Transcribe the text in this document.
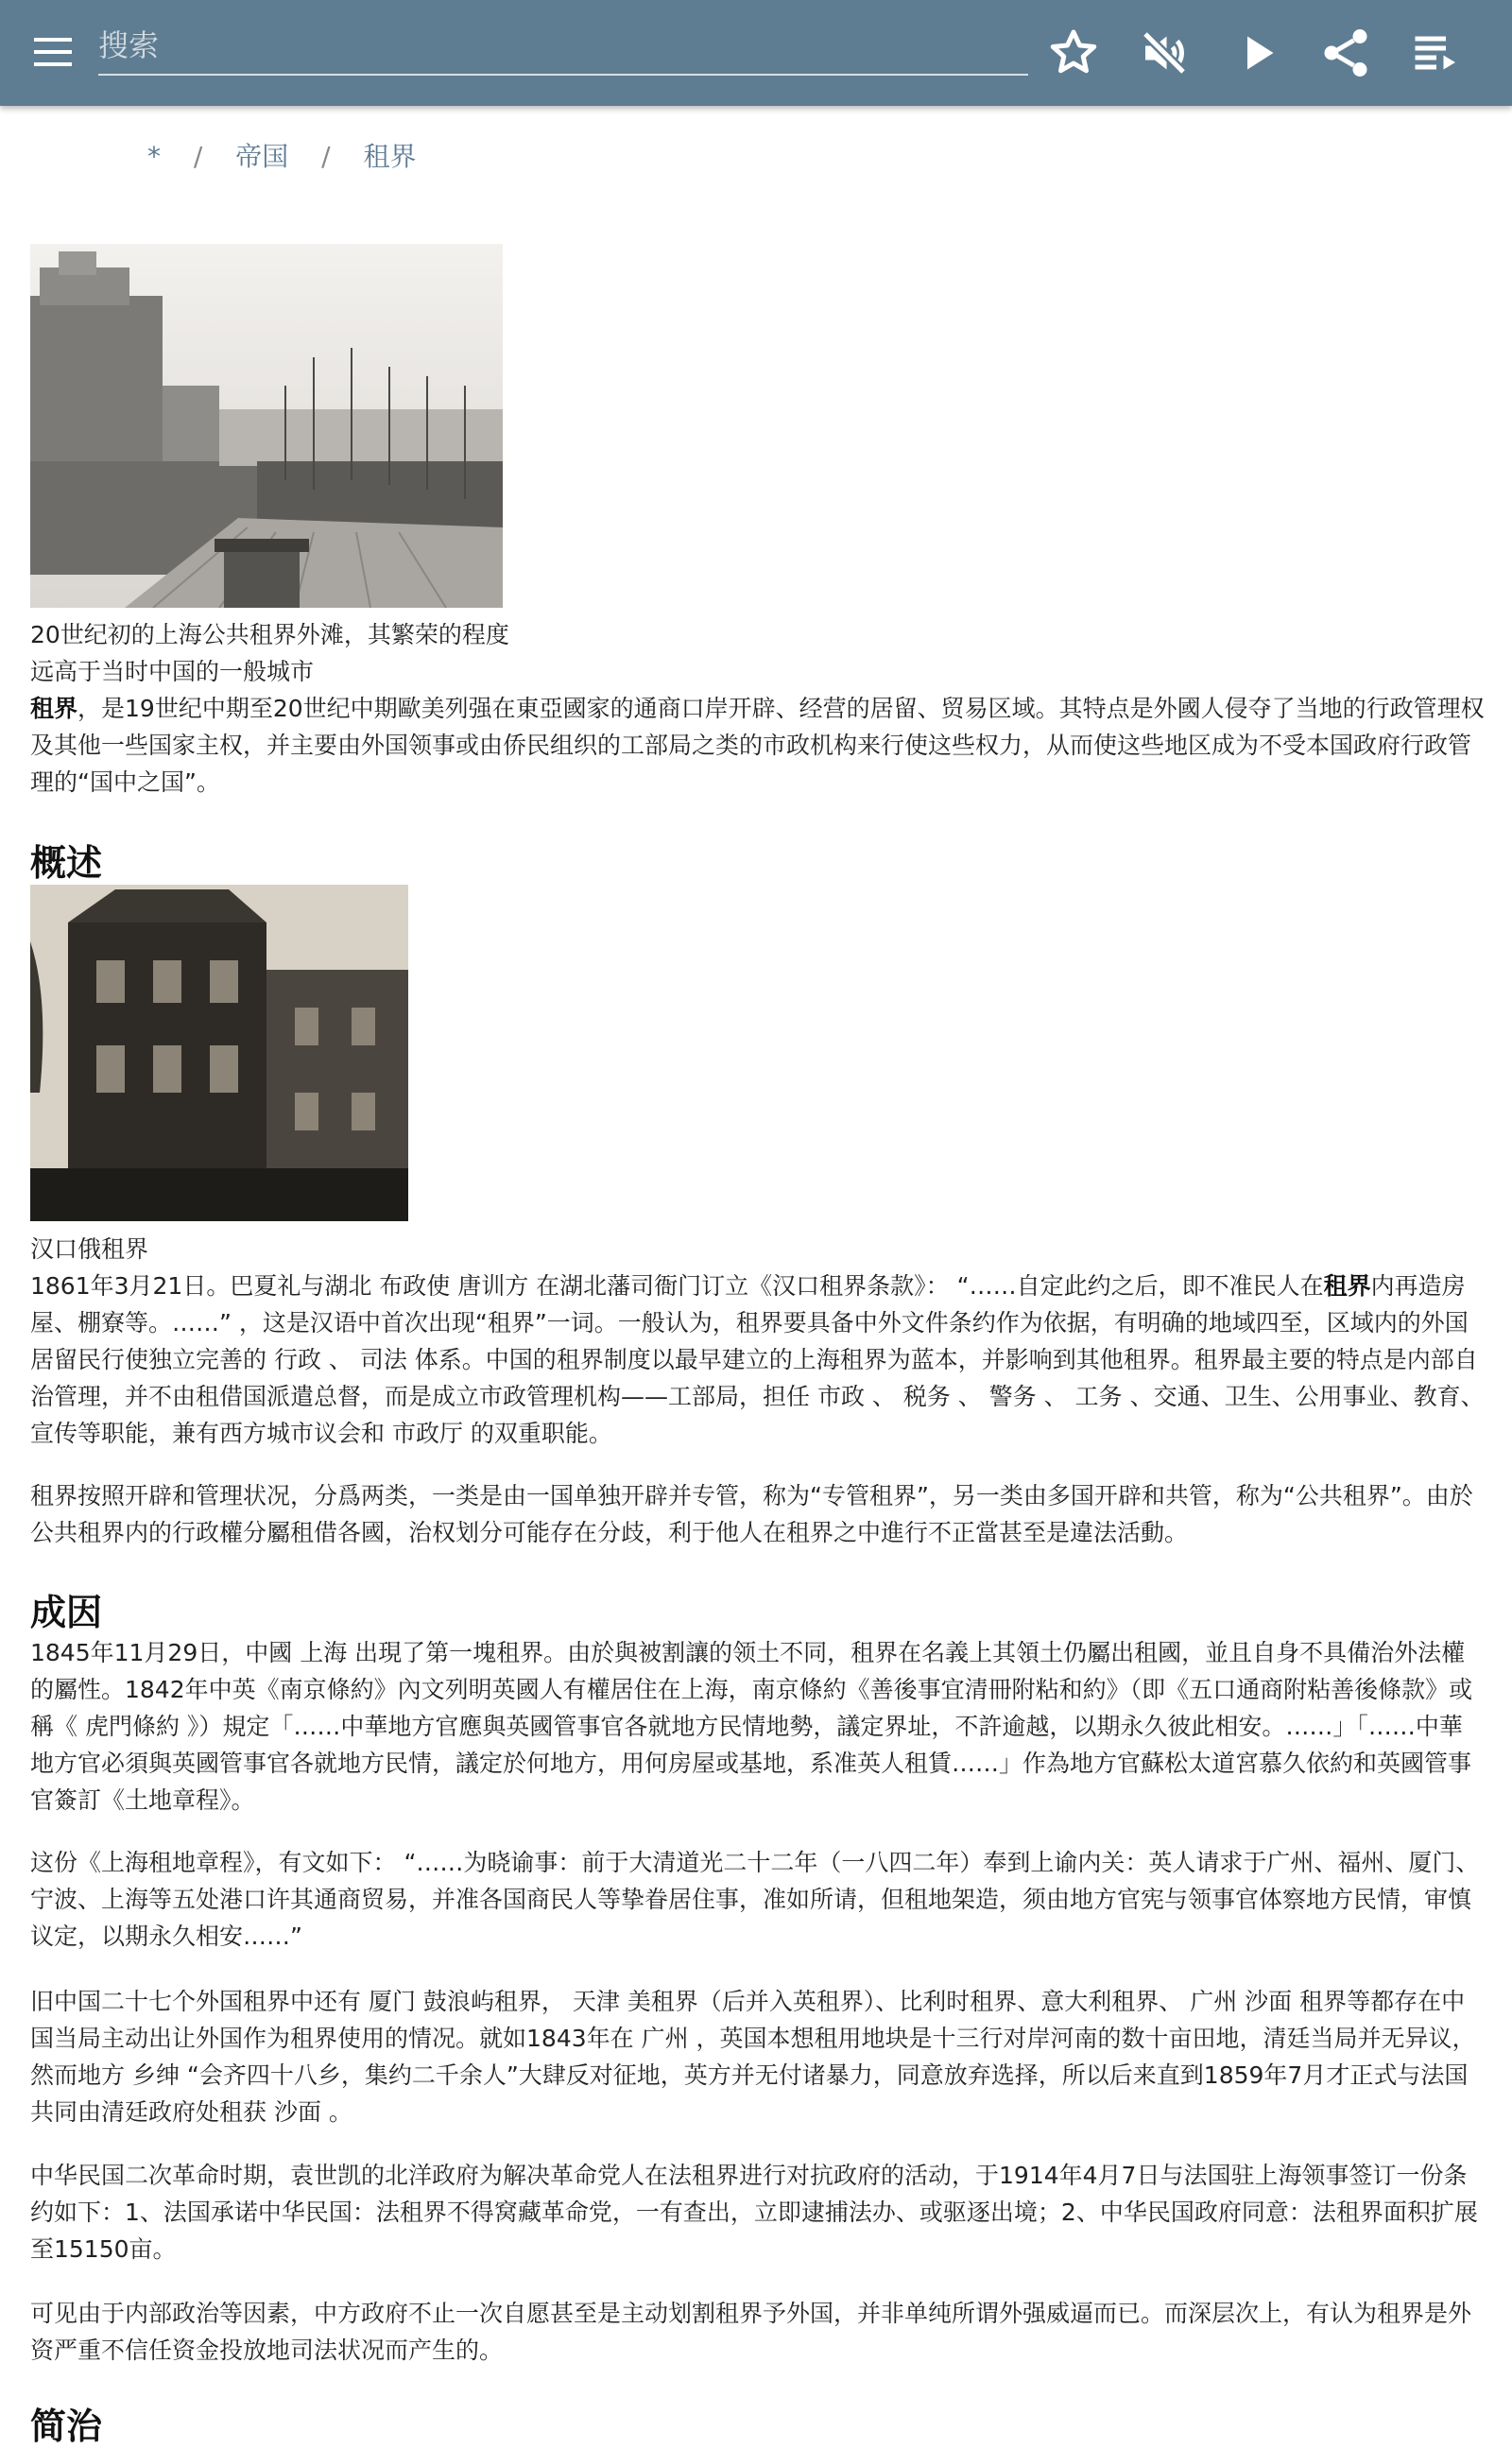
搜索
* / 帝国 / 租界

20世纪初的上海公共租界外滩，其繁荣的程度远高于当时中国的一般城市

租界，是19世纪中期至20世纪中期歐美列强在東亞國家的通商口岸开辟、经营的居留、贸易区域。其特点是外國人侵夺了当地的行政管理权及其他一些国家主权，并主要由外国领事或由侨民组织的工部局之类的市政机构来行使这些权力，从而使这些地区成为不受本国政府行政管理的“国中之国”。

概述

汉口俄租界

1861年3月21日。巴夏礼与湖北 布政使 唐训方 在湖北藩司衙门订立《汉口租界条款》： “……自定此约之后，即不准民人在租界内再造房屋、棚寮等。……” ，这是汉语中首次出现“租界”一词。一般认为，租界要具备中外文件条约作为依据，有明确的地域四至，区域内的外国居留民行使独立完善的 行政 、 司法 体系。中国的租界制度以最早建立的上海租界为蓝本，并影响到其他租界。租界最主要的特点是内部自治管理，并不由租借国派遣总督，而是成立市政管理机构——工部局，担任 市政 、 税务 、 警务 、 工务 、交通、卫生、公用事业、教育、宣传等职能，兼有西方城市议会和 市政厅 的双重职能。

租界按照开辟和管理状况，分爲两类，一类是由一国单独开辟并专管，称为“专管租界”，另一类由多国开辟和共管，称为“公共租界”。由於公共租界内的行政權分屬租借各國，治权划分可能存在分歧，利于他人在租界之中進行不正當甚至是違法活動。

成因

1845年11月29日，中國 上海 出現了第一塊租界。由於與被割讓的领土不同，租界在名義上其領土仍屬出租國，並且自身不具備治外法權的屬性。1842年中英《南京條約》內文列明英國人有權居住在上海，南京條約《善後事宜清冊附粘和約》（即《五口通商附粘善後條款》或稱《 虎門條約 》）規定「……中華地方官應與英國管事官各就地方民情地勢，議定界址，不許逾越，以期永久彼此相安。……」「……中華地方官必須與英國管事官各就地方民情，議定於何地方，用何房屋或基地，系准英人租賃……」作為地方官蘇松太道宮慕久依約和英國管事官簽訂《土地章程》。

这份《上海租地章程》，有文如下： “……为晓谕事：前于大清道光二十二年（一八四二年）奉到上谕内关：英人请求于广州、福州、厦门、宁波、上海等五处港口许其通商贸易，并准各国商民人等挚眷居住事，准如所请，但租地架造，须由地方官宪与领事官体察地方民情，审慎议定，以期永久相安……”

旧中国二十七个外国租界中还有 厦门 鼓浪屿租界， 天津 美租界（后并入英租界）、比利时租界、意大利租界、 广州 沙面 租界等都存在中国当局主动出让外国作为租界使用的情况。就如1843年在 广州 ，英国本想租用地块是十三行对岸河南的数十亩田地，清廷当局并无异议，然而地方 乡绅 “会齐四十八乡，集约二千余人”大肆反对征地，英方并无付诸暴力，同意放弃选择，所以后来直到1859年7月才正式与法国共同由清廷政府处租获 沙面 。

中华民国二次革命时期，袁世凯的北洋政府为解决革命党人在法租界进行对抗政府的活动，于1914年4月7日与法国驻上海领事签订一份条约如下：1、法国承诺中华民国：法租界不得窝藏革命党，一有查出，立即逮捕法办、或驱逐出境；2、中华民国政府同意：法租界面积扩展至15150亩。

可见由于内部政治等因素，中方政府不止一次自愿甚至是主动划割租界予外国，并非单纯所谓外强威逼而已。而深层次上，有认为租界是外资严重不信任资金投放地司法状况而产生的。

简治
